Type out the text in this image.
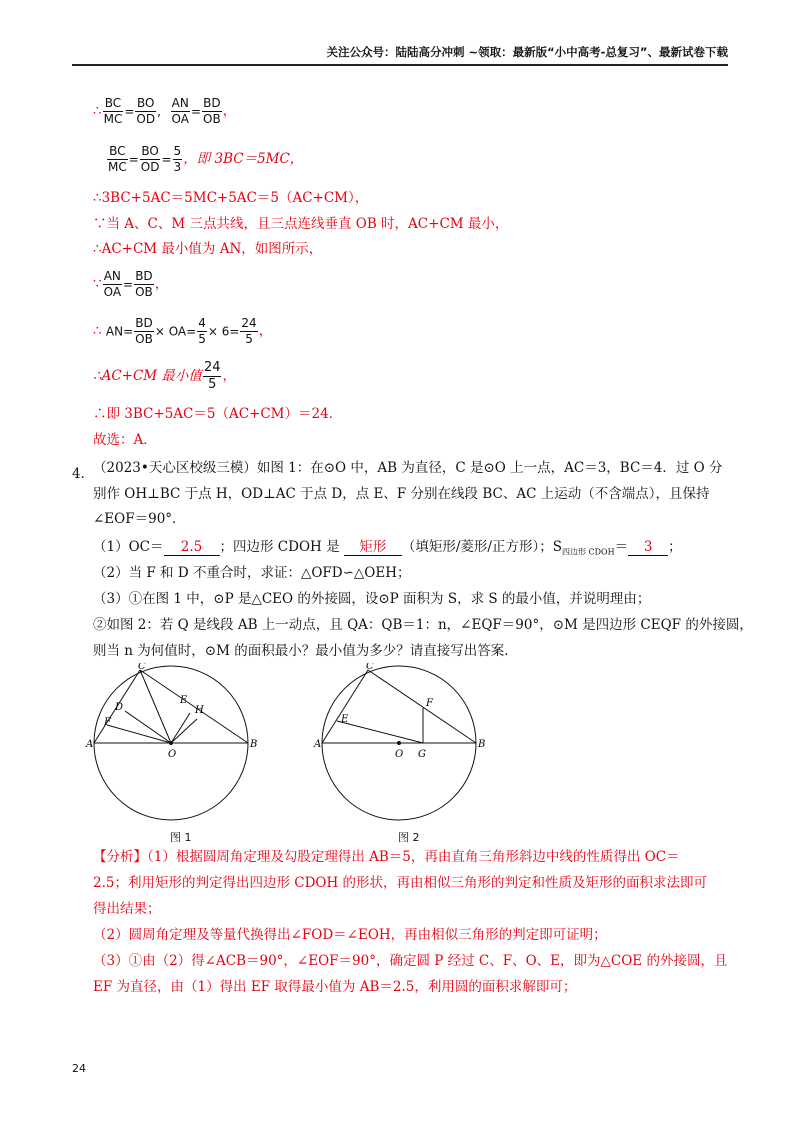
关注公众号：陆陆高分冲刺 ~领取：最新版“小中高考-总复习”、最新试卷下载
∴ $\frac{BC}{MC} = \frac{BO}{OD}$ , $\frac{AN}{OA} = \frac{BD}{OB}$ ，
$\frac{BC}{MC} = \frac{BO}{OD} = \frac{5}{3}$ ，即 3BC＝5MC，
∴3BC+5AC＝5MC+5AC＝5（AC+CM），
∵当 A、C、M 三点共线，且三点连线垂直 OB 时，AC+CM 最小，
∴AC+CM 最小值为 AN，如图所示，
∵ $\frac{AN}{OA} = \frac{BD}{OB}$ ，
∴ $AN= \frac{BD}{OB} \times OA= \frac{4}{5} \times 6= \frac{24}{5}$ ，
∴AC+CM 最小值 $\frac{24}{5}$ ，
∴即 3BC+5AC＝5（AC+CM）＝24．
故选：A．
4．
（2023•天心区校级三模）如图 1：在⊙O 中，AB 为直径，C 是⊙O 上一点，AC＝3，BC＝4．过 O 分
别作 OH⊥BC 于点 H，OD⊥AC 于点 D，点 E、F 分别在线段 BC、AC 上运动（不含端点），且保持
∠EOF＝90°．
（1）OC＝ 2.5 ；四边形 CDOH 是 矩形 （填矩形/菱形/正方形）；$S_{四边形 CDOH}= 3$ ；
（2）当 F 和 D 不重合时，求证：△OFD∽△OEH；
（3）①在图 1 中，⊙P 是△CEO 的外接圆，设⊙P 面积为 S，求 S 的最小值，并说明理由；
②如图 2：若 Q 是线段 AB 上一动点，且 QA：QB＝1：n，∠EQF＝90°，⊙M 是四边形 CEQF 的外接圆，
则当 n 为何值时，⊙M 的面积最小？最小值为多少？请直接写出答案．
C
D
E
H
F
A
O
B
图 1
C
F
E
A
O G
B
图 2
【分析】（1）根据圆周角定理及勾股定理得出 AB＝5，再由直角三角形斜边中线的性质得出 OC＝
2.5；利用矩形的判定得出四边形 CDOH 的形状，再由相似三角形的判定和性质及矩形的面积求法即可
得出结果；
（2）圆周角定理及等量代换得出∠FOD＝∠EOH，再由相似三角形的判定即可证明；
（3）①由（2）得∠ACB＝90°，∠EOF＝90°，确定圆 P 经过 C、F、O、E，即为△COE 的外接圆，且
EF 为直径，由（1）得出 EF 取得最小值为 AB＝2.5，利用圆的面积求解即可；
24
